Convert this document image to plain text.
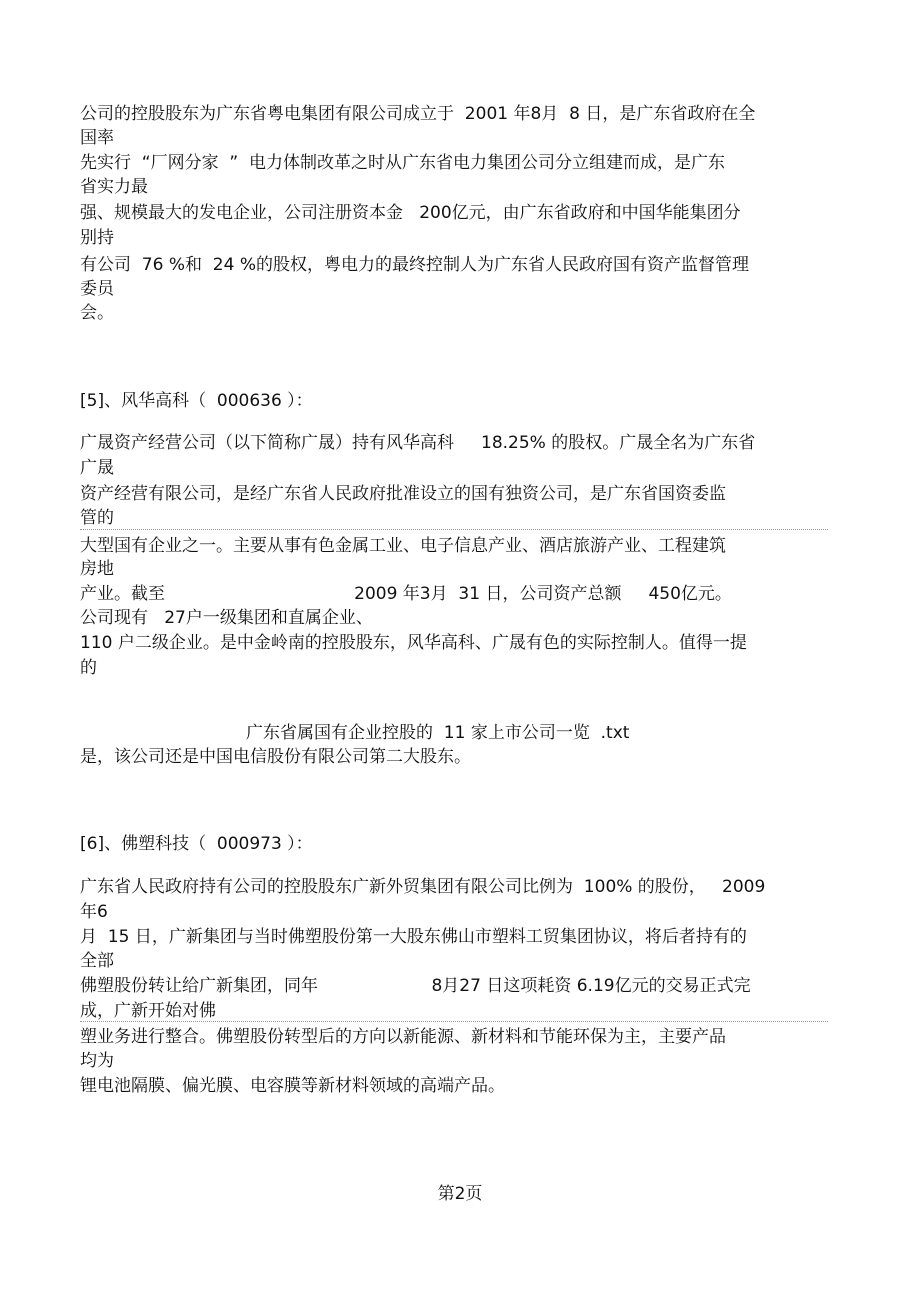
公司的控股股东为广东省粤电集团有限公司成立于  2001 年8月  8 日，是广东省政府在全
国率
先实行  “厂网分家  ”  电力体制改革之时从广东省电力集团公司分立组建而成，是广东
省实力最
强、规模最大的发电企业，公司注册资本金   200亿元，由广东省政府和中国华能集团分
别持
有公司  76 %和  24 %的股权，粤电力的最终控制人为广东省人民政府国有资产监督管理
委员
会。
[5]、风华高科（  000636 ）：
广晟资产经营公司（以下简称广晟）持有风华高科     18.25% 的股权。广晟全名为广东省
广晟
资产经营有限公司，是经广东省人民政府批准设立的国有独资公司，是广东省国资委监
管的
大型国有企业之一。主要从事有色金属工业、电子信息产业、酒店旅游产业、工程建筑
房地
产业。截至                                   2009 年3月  31 日，公司资产总额     450亿元。
公司现有   27户一级集团和直属企业、
110 户二级企业。是中金岭南的控股股东，风华高科、广晟有色的实际控制人。值得一提
的
广东省属国有企业控股的  11 家上市公司一览  .txt
是，该公司还是中国电信股份有限公司第二大股东。
[6]、佛塑科技（  000973 ）：
广东省人民政府持有公司的控股股东广新外贸集团有限公司比例为  100% 的股份，   2009
年6
月  15 日，广新集团与当时佛塑股份第一大股东佛山市塑料工贸集团协议，将后者持有的
全部
佛塑股份转让给广新集团，同年                     8月27 日这项耗资 6.19亿元的交易正式完
成，广新开始对佛
塑业务进行整合。佛塑股份转型后的方向以新能源、新材料和节能环保为主，主要产品
均为
锂电池隔膜、偏光膜、电容膜等新材料领域的高端产品。
第2页
